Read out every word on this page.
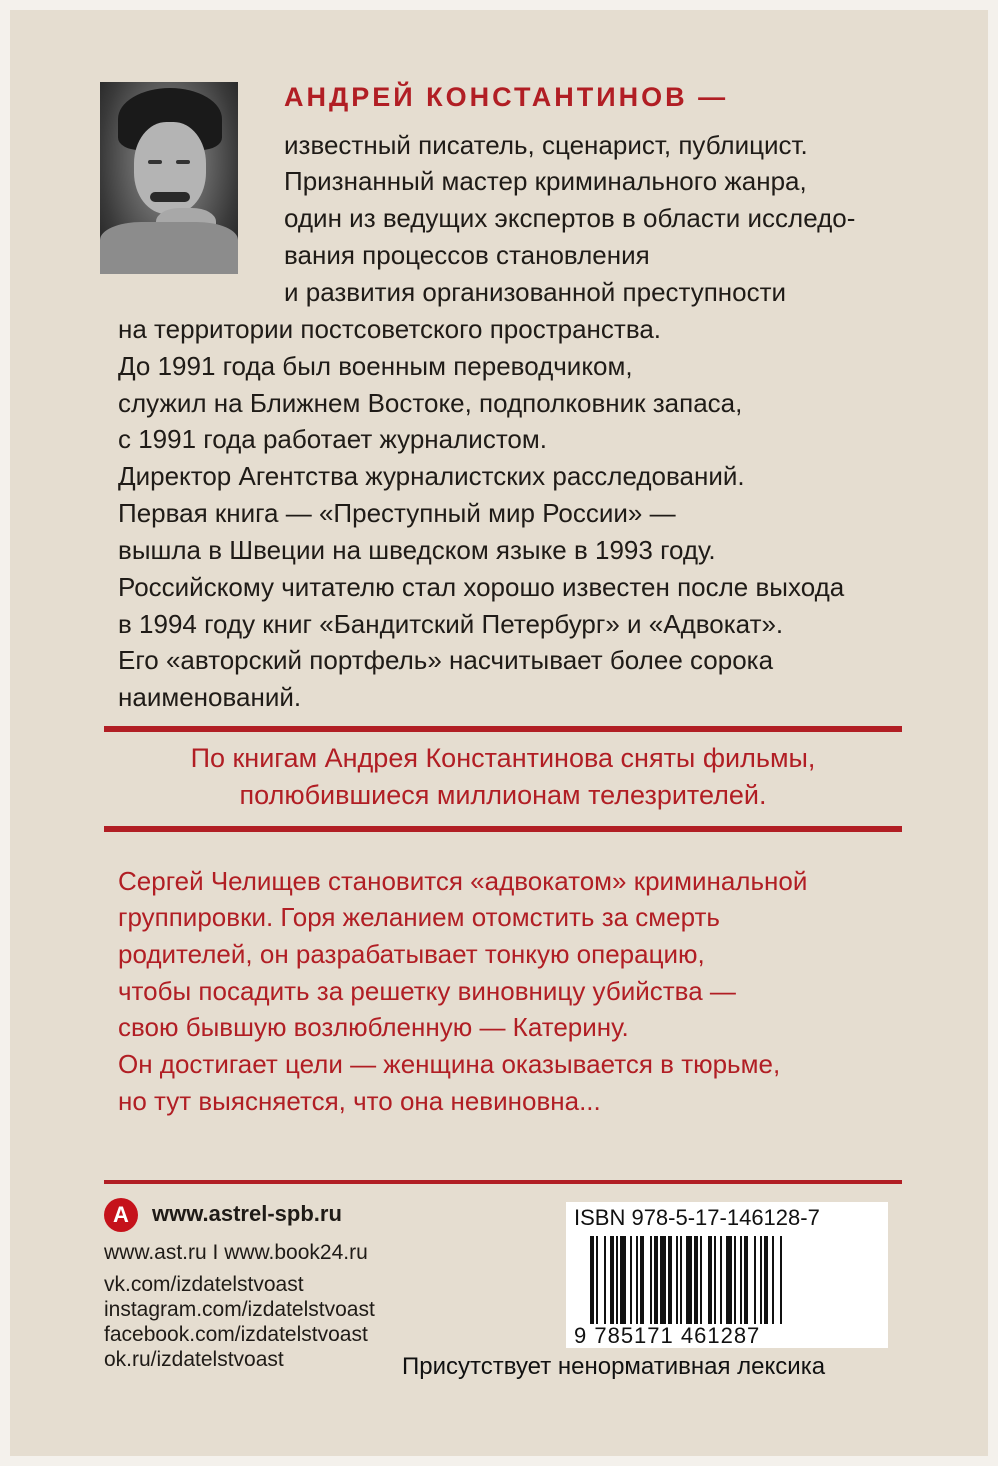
АНДРЕЙ КОНСТАНТИНОВ —
известный писатель, сценарист, публицист.
Признанный мастер криминального жанра,
один из ведущих экспертов в области исследо-
вания процессов становления
и развития организованной преступности
на территории постсоветского пространства.
До 1991 года был военным переводчиком,
служил на Ближнем Востоке, подполковник запаса,
с 1991 года работает журналистом.
Директор Агентства журналистских расследований.
Первая книга — «Преступный мир России» —
вышла в Швеции на шведском языке в 1993 году.
Российскому читателю стал хорошо известен после выхода
в 1994 году книг «Бандитский Петербург» и «Адвокат».
Его «авторский портфель» насчитывает более сорока
наименований.
По книгам Андрея Константинова сняты фильмы,
полюбившиеся миллионам телезрителей.
Сергей Челищев становится «адвокатом» криминальной
группировки. Горя желанием отомстить за смерть
родителей, он разрабатывает тонкую операцию,
чтобы посадить за решетку виновницу убийства —
свою бывшую возлюбленную — Катерину.
Он достигает цели — женщина оказывается в тюрьме,
но тут выясняется, что она невиновна...
А	www.astrel-spb.ru
www.ast.ru I www.book24.ru
vk.com/izdatelstvoast
instagram.com/izdatelstvoast
facebook.com/izdatelstvoast
ok.ru/izdatelstvoast
ISBN 978-5-17-146128-7
9 785171 461287
Присутствует ненормативная лексика
